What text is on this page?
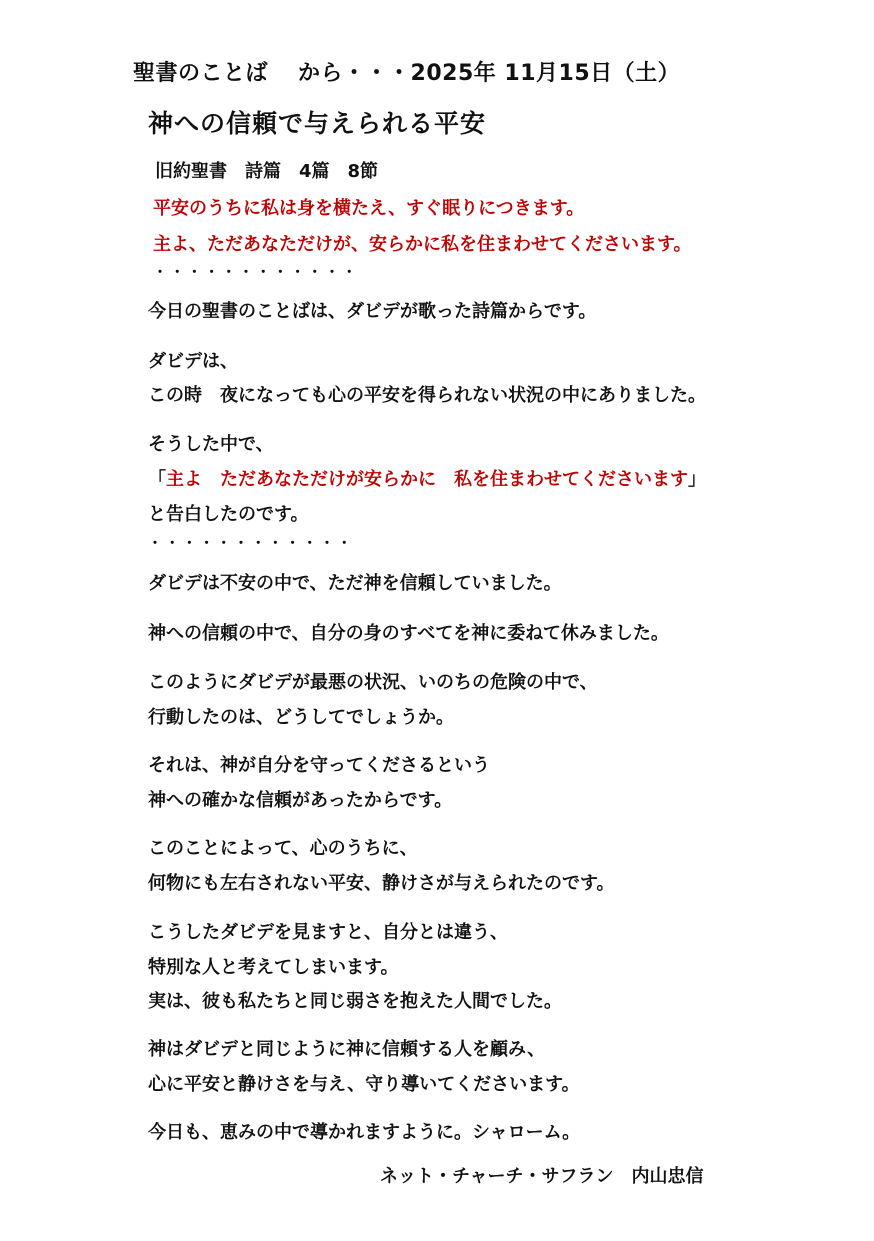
聖書のことば から・・・2025年 11月15日（土）
神への信頼で与えられる平安
旧約聖書　詩篇　4篇　8節
平安のうちに私は身を横たえ、すぐ眠りにつきます。
主よ、ただあなただけが、安らかに私を住まわせてくださいます。
・・・・・・・・・・・・
今日の聖書のことばは、ダビデが歌った詩篇からです。
ダビデは、
この時　夜になっても心の平安を得られない状況の中にありました。
そうした中で、
「主よ　ただあなただけが安らかに　私を住まわせてくださいます」
と告白したのです。
・・・・・・・・・・・・
ダビデは不安の中で、ただ神を信頼していました。
神への信頼の中で、自分の身のすべてを神に委ねて休みました。
このようにダビデが最悪の状況、いのちの危険の中で、
行動したのは、どうしてでしょうか。
それは、神が自分を守ってくださるという
神への確かな信頼があったからです。
このことによって、心のうちに、
何物にも左右されない平安、静けさが与えられたのです。
こうしたダビデを見ますと、自分とは違う、
特別な人と考えてしまいます。
実は、彼も私たちと同じ弱さを抱えた人間でした。
神はダビデと同じように神に信頼する人を顧み、
心に平安と静けさを与え、守り導いてくださいます。
今日も、恵みの中で導かれますように。シャローム。
ネット・チャーチ・サフラン　内山忠信
